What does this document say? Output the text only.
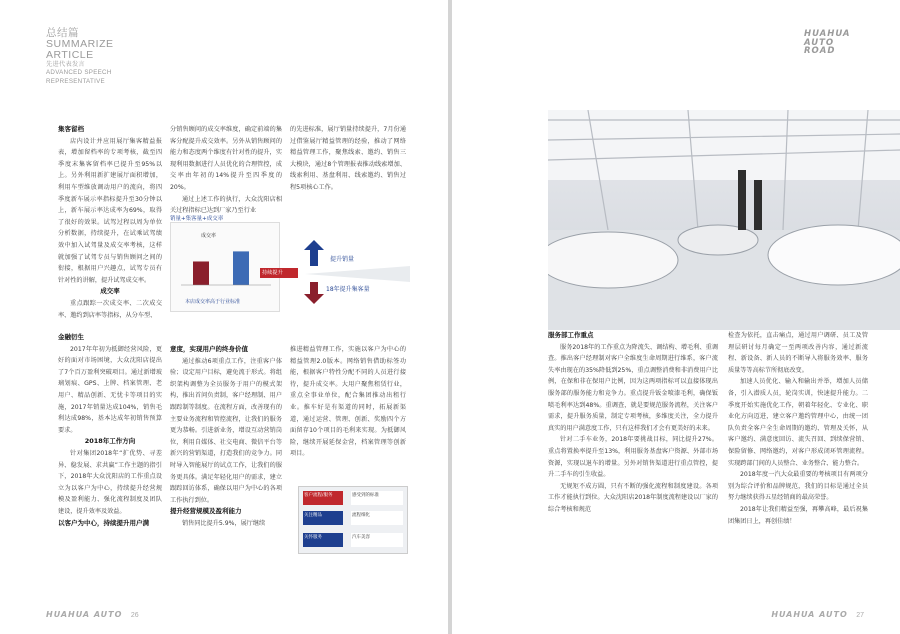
总结篇
SUMMARIZE
ARTICLE
先进代表发言
ADVANCED SPEECH
REPRESENTATIVE

集客留档

店内设计并应用展厅集客精益报表，增加留档率的专项考核，截至四季度末集客留档率已提升至95%以上。另外利用新扩建展厅面积增加，利用车型维放调动用户的流向，将四季度新车展示率指标提升至30分钟以上，新车展示率达成率为69%，取得了很好的效果。试驾过程以周为单位分析数据，持续提升，在试乘试驾绩效中加入试驾量及成交率考核，这样就加强了试驾专员与销售顾问之间的衔接，根据用户兴趣点，试驾专员有针对性的讲解，提升试驾成交率。

成交率

重点跟踪一次成交率、二次成交率、邀约到店率等指标，从分车型、

分销售顾问的成交率维度，确定前端的集客分配提升成交效率。另外从销售顾问的能力和态度两个维度有针对性的提升，实现利用数据进行人员优化的合理管控，成交率由年初的14%提升至四季度的20%。

通过上述工作的执行，大众沈阳店相关过程指标已达到厂家乃至行业

的先进标准，展厅销量持续提升，7月份通过借鉴展厅精益管理的经验，推动了网络精益管理工作，聚焦线索、邀约、销售三大模块，通过8个管理报表推动线索增加、线索利用、基盘利用、线索邀约、销售过程5项核心工作。

销量+集客量+成交率
成交率
本店成交率高于行业标准
持续提升
提升销量
18年提升集客量

金融衍生

2017年年初为抵御经营风险，更好的面对市场困境，大众沈阳店提出了7个百万盈利突破项目。通过新增玻璃划痕、GPS、上牌、档案管理、老用户、精品创新、无忧卡等项目的实施，2017年销量达成104%，销售毛利达成98%，基本达成年初销售预算要求。

2018年工作方向

针对集团2018年“扩优势、寻差异、稳发展、求共赢”工作主题的指引下，2018年大众沈阳店的工作重点设立为以客户为中心，持续提升经营规模及盈利能力、强化流程制度及团队建设，提升效率及效益。

以客户为中心，持续提升用户满

意度，实现用户的终身价值

通过推动6项重点工作，注重客户体验；设定用户目标，避免流于形式。将组织架构调整为全员服务于用户的模式架构，推出首问负责制，客户经理制、用户跟踪制等制度。在流程方面，改善现有的主要业务流程和管控流程，让我们的服务更为恭畅。引进新业务，增设互动营销岗位，利用自媒体、社交电商、微信平台等新兴的营销渠道，打造我们的竞争力。同时导入智能展厅的试点工作，让我们的服务更具体。满足年轻化用户的需求，建立跟踪回访体系，确保以用户为中心的各项工作执行到位。

提升经营规模及盈利能力

销售同比提升5.9%，展厅继续

推进精益管理工作，实施以客户为中心的精益管理2.0版本。网络销售借助标签功能，根据客户特性分配不同的人员进行接待，提升成交率。大用户聚焦租赁行业，重点全事业单位，配合集团推动出租行业。推车好是有渠道的同时，拓展新渠道，通过运营、管理、创新、奖励四个方面留存10个项目的毛利来实现。为抵御风险，继续开展延保金营，档案管理等创新项目。

客户流程/服务
关注精品
关怀服务
感受到的标准
流程细化
汽车美容
HUAHUA AUTO 26
HUAHUA AUTO ROAD

服务部工作重点

服务2018年的工作重点为降流失、调结构、增毛利、重调查。推出客户经理制对客户全维度生命周期进行维系，客户流失率由现在的35%降低到25%，重点调整消费和非消费用户比例，在保和非在保用户比例，因为这两项指标可以直接体现出服务部的服务能力和竞争力。重点提升钣金喷漆毛利，确保钣喷毛利率达到48%。重调查，就是要规范服务流程，关注客户需求，提升服务质量，制定专项考核，多维度关注，全力提升真实的用户满意度工作，只有这样我们才会有更美好的未来。

针对二手车业务，2018年要挑战目标，同比提升27%。重点将置换率提升至13%，利用服务基盘客户资源、外部市场资源，实现以退车的增量。另外对销售渠道进行重点管控，提升二手车的引生收益。

无规矩不成方圆，只有不断的强化流程和制度建设。各项工作才能执行到位。大众沈阳店2018年制度流程建设以厂家的综合考核和规范

检查为依托，直击痛点，通过用户调研、员工及管理层研讨每月确定一至两项改善内容，通过新流程、新设备、新人员的不断导入将服务效率、服务质量等等高标节所彻底改变。

加速人员优化、输入和输出并举，增加人员储备，引入潜质人员，轮岗实训，快速提升能力。二季度开始实施优化工作，朝着年轻化、专业化、职业化方向迈进，建立客户邀约管理中心，由统一团队负责全客户全生命周期的邀约、管理及关怀，从客户邀约、满意度回访、流失召回、到续保营销、保险留修、网络邀约，对客户形成闭环管理流程。实现跨部门间的人员整合、业务整合、能力整合。

2018年度一汽大众最重要的考核项目有两项分别为综合评价和品牌规范，我们的目标是通过全员努力继续获得五星经销商的最高荣誉。

2018年让我们精益至强，再攀高峰，最后祝集团集团日上，再创佳绩！

HUAHUA AUTO 27
